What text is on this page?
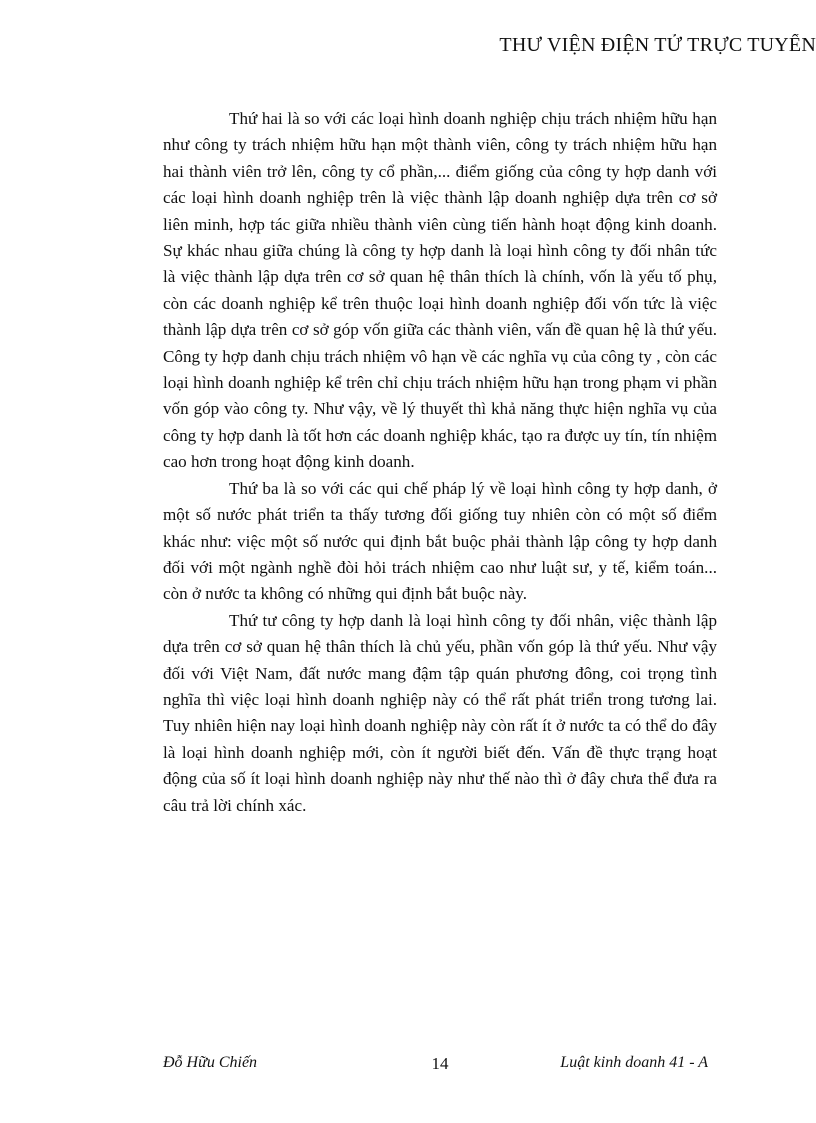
THƯ VIỆN ĐIỆN TỬ TRỰC TUYẾN

Thứ hai là so với các loại hình doanh nghiệp chịu trách nhiệm hữu hạn như công ty trách nhiệm hữu hạn một thành viên, công ty trách nhiệm hữu hạn hai thành viên trở lên, công ty cổ phần,... điểm giống của công ty hợp danh với các loại hình doanh nghiệp trên là việc thành lập doanh nghiệp dựa trên cơ sở liên minh, hợp tác giữa nhiều thành viên cùng tiến hành hoạt động kinh doanh. Sự khác nhau giữa chúng là công ty hợp danh là loại hình công ty đối nhân tức là việc thành lập dựa trên cơ sở quan hệ thân thích là chính, vốn là yếu tố phụ, còn các doanh nghiệp kể trên thuộc loại hình doanh nghiệp đối vốn tức là việc thành lập dựa trên cơ sở góp vốn giữa các thành viên, vấn đề quan hệ là thứ yếu. Công ty hợp danh chịu trách nhiệm vô hạn về các nghĩa vụ của công ty , còn các loại hình doanh nghiệp kể trên chỉ chịu trách nhiệm hữu hạn trong phạm vi phần vốn góp vào công ty. Như vậy, về lý thuyết thì khả năng thực hiện nghĩa vụ của công ty hợp danh là tốt hơn các doanh nghiệp khác, tạo ra được uy tín, tín nhiệm cao hơn trong hoạt động kinh doanh.

Thứ ba là so với các qui chế pháp lý về loại hình công ty hợp danh, ở một số nước phát triển ta thấy tương đối giống tuy nhiên còn có một số điểm khác như: việc một số nước qui định bắt buộc phải thành lập công ty hợp danh đối với một ngành nghề đòi hỏi trách nhiệm cao như luật sư, y tế, kiểm toán... còn ở nước ta không có những qui định bắt buộc này.

Thứ tư công ty hợp danh là loại hình công ty đối nhân, việc thành lập dựa trên cơ sở quan hệ thân thích là chủ yếu, phần vốn góp là thứ yếu. Như vậy đối với Việt Nam, đất nước mang đậm tập quán phương đông, coi trọng tình nghĩa thì việc loại hình doanh nghiệp này có thể rất phát triển trong tương lai. Tuy nhiên hiện nay loại hình doanh nghiệp này còn rất ít ở nước ta có thể do đây là loại hình doanh nghiệp mới, còn ít người biết đến. Vấn đề thực trạng hoạt động của số ít loại hình doanh nghiệp này như thế nào thì ở đây chưa thể đưa ra câu trả lời chính xác.

Đỗ Hữu Chiến	14	Luật kinh doanh 41 - A
